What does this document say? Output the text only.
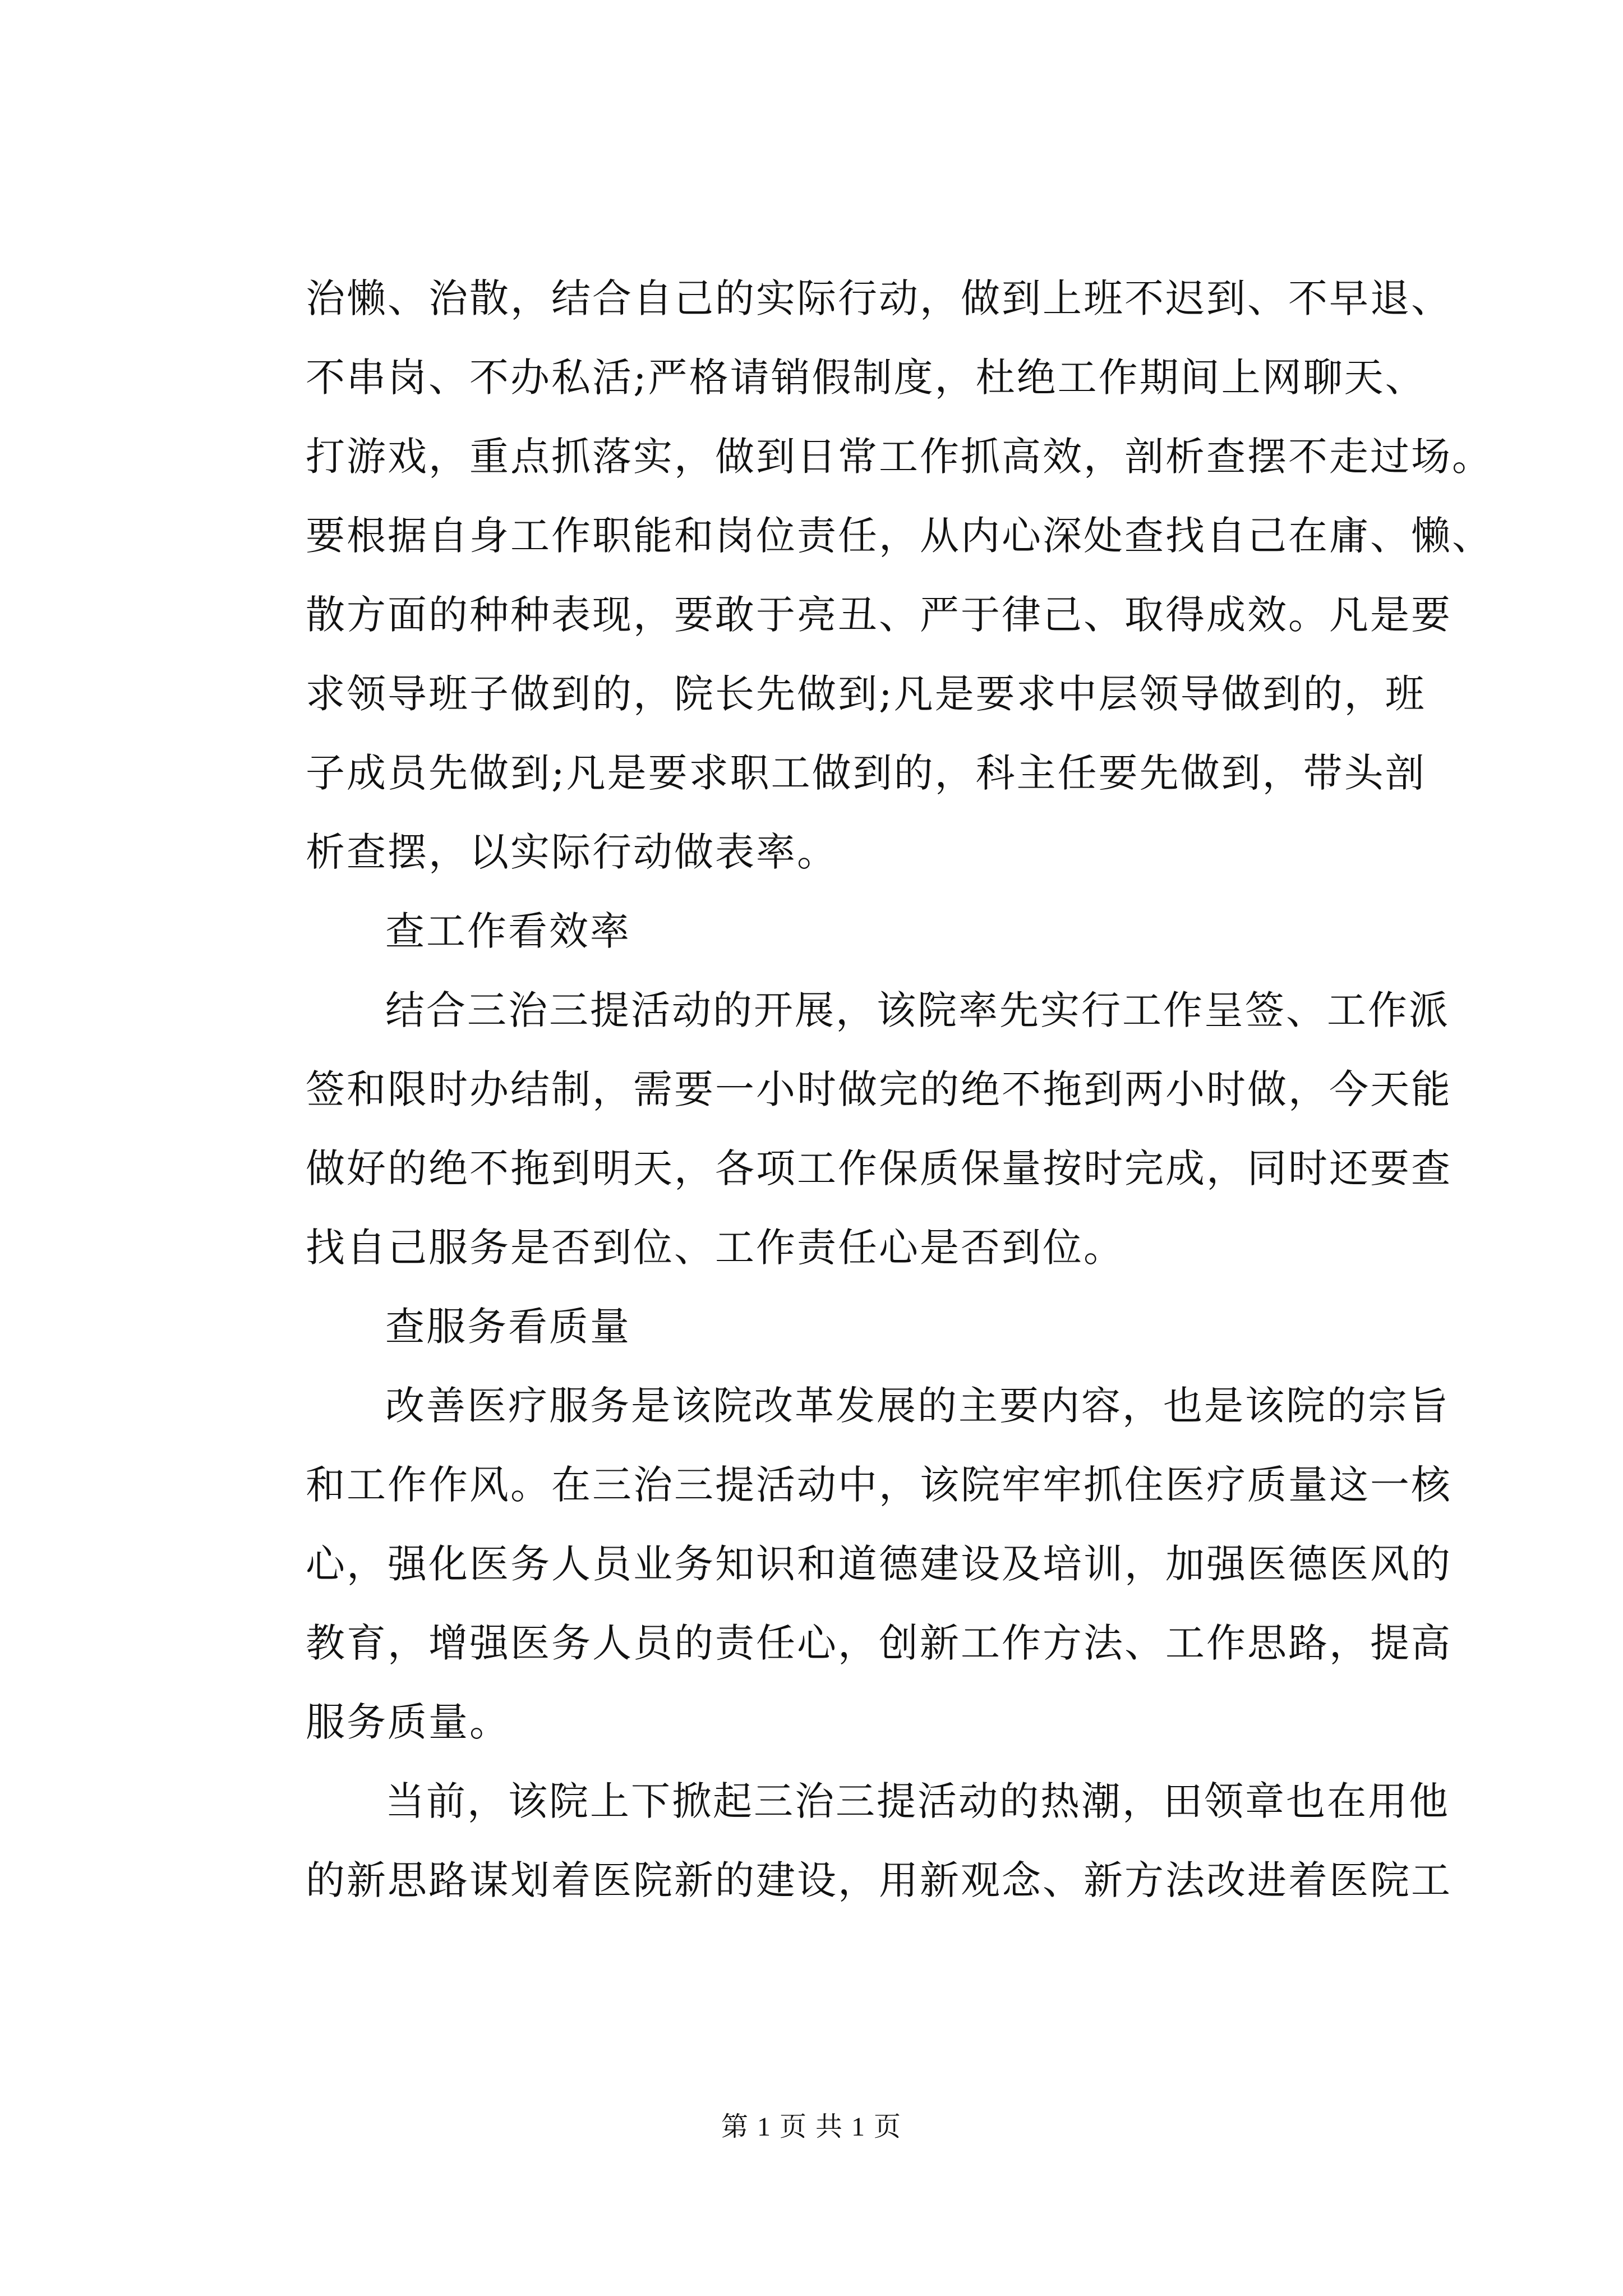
治懒、治散，结合自己的实际行动，做到上班不迟到、不早退、
不串岗、不办私活;严格请销假制度，杜绝工作期间上网聊天、
打游戏，重点抓落实，做到日常工作抓高效，剖析查摆不走过场。
要根据自身工作职能和岗位责任，从内心深处查找自己在庸、懒、
散方面的种种表现，要敢于亮丑、严于律己、取得成效。凡是要
求领导班子做到的，院长先做到;凡是要求中层领导做到的，班
子成员先做到;凡是要求职工做到的，科主任要先做到，带头剖
析查摆，以实际行动做表率。
查工作看效率
结合三治三提活动的开展，该院率先实行工作呈签、工作派
签和限时办结制，需要一小时做完的绝不拖到两小时做，今天能
做好的绝不拖到明天，各项工作保质保量按时完成，同时还要查
找自己服务是否到位、工作责任心是否到位。
查服务看质量
改善医疗服务是该院改革发展的主要内容，也是该院的宗旨
和工作作风。在三治三提活动中，该院牢牢抓住医疗质量这一核
心，强化医务人员业务知识和道德建设及培训，加强医德医风的
教育，增强医务人员的责任心，创新工作方法、工作思路，提高
服务质量。
当前，该院上下掀起三治三提活动的热潮，田领章也在用他
的新思路谋划着医院新的建设，用新观念、新方法改进着医院工
第 1 页 共 1 页
